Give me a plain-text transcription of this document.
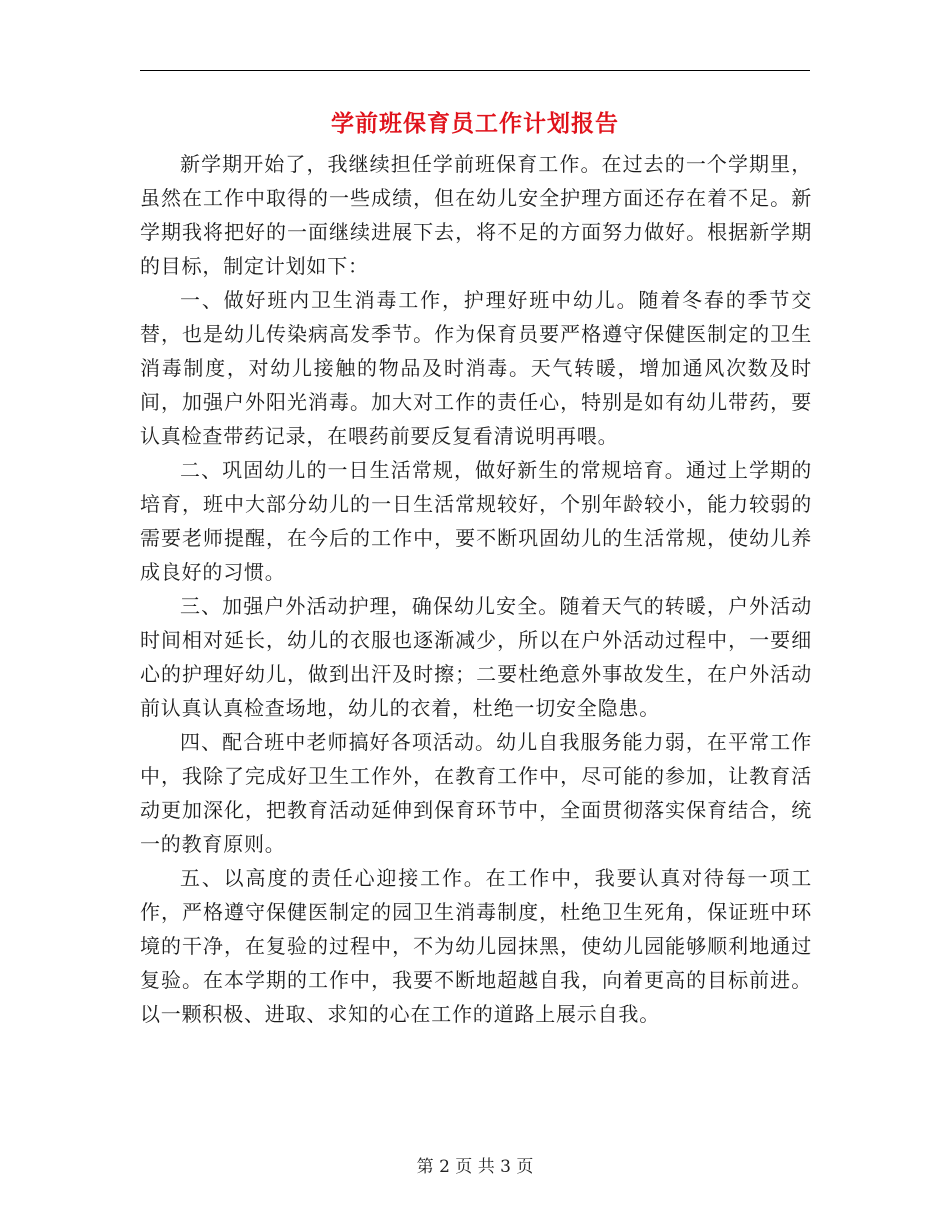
学前班保育员工作计划报告

新学期开始了，我继续担任学前班保育工作。在过去的一个学期里，虽然在工作中取得的一些成绩，但在幼儿安全护理方面还存在着不足。新学期我将把好的一面继续进展下去，将不足的方面努力做好。根据新学期的目标，制定计划如下：

一、做好班内卫生消毒工作，护理好班中幼儿。随着冬春的季节交替，也是幼儿传染病高发季节。作为保育员要严格遵守保健医制定的卫生消毒制度，对幼儿接触的物品及时消毒。天气转暖，增加通风次数及时间，加强户外阳光消毒。加大对工作的责任心，特别是如有幼儿带药，要认真检查带药记录，在喂药前要反复看清说明再喂。

二、巩固幼儿的一日生活常规，做好新生的常规培育。通过上学期的培育，班中大部分幼儿的一日生活常规较好，个别年龄较小，能力较弱的需要老师提醒，在今后的工作中，要不断巩固幼儿的生活常规，使幼儿养成良好的习惯。

三、加强户外活动护理，确保幼儿安全。随着天气的转暖，户外活动时间相对延长，幼儿的衣服也逐渐减少，所以在户外活动过程中，一要细心的护理好幼儿，做到出汗及时擦；二要杜绝意外事故发生，在户外活动前认真认真检查场地，幼儿的衣着，杜绝一切安全隐患。

四、配合班中老师搞好各项活动。幼儿自我服务能力弱，在平常工作中，我除了完成好卫生工作外，在教育工作中，尽可能的参加，让教育活动更加深化，把教育活动延伸到保育环节中，全面贯彻落实保育结合，统一的教育原则。

五、以高度的责任心迎接工作。在工作中，我要认真对待每一项工作，严格遵守保健医制定的园卫生消毒制度，杜绝卫生死角，保证班中环境的干净，在复验的过程中，不为幼儿园抹黑，使幼儿园能够顺利地通过复验。在本学期的工作中，我要不断地超越自我，向着更高的目标前进。以一颗积极、进取、求知的心在工作的道路上展示自我。

第 2 页 共 3 页
